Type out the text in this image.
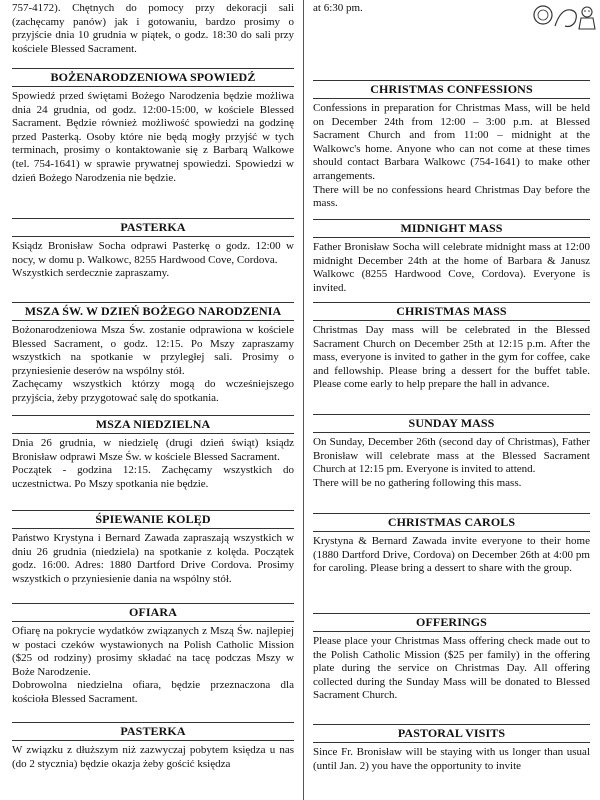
757-4172). Chętnych do pomocy przy dekoracji sali (zachęcamy panów) jak i gotowaniu, bardzo prosimy o przyjście dnia 10 grudnia w piątek, o godz. 18:30 do sali przy kościele Blessed Sacrament.

BOŻENARODZENIOWA SPOWIEDŹ

Spowiedź przed świętami Bożego Narodzenia będzie możliwa dnia 24 grudnia, od godz. 12:00-15:00, w kościele Blessed Sacrament. Będzie również możliwość spowiedzi na godzinę przed Pasterką. Osoby które nie będą mogły przyjść w tych terminach, prosimy o kontaktowanie się z Barbarą Walkowe (tel. 754-1641) w sprawie prywatnej spowiedzi. Spowiedzi w dzień Bożego Narodzenia nie będzie.

PASTERKA

Ksiądz Bronisław Socha odprawi Pasterkę o godz. 12:00 w nocy, w domu p. Walkowc, 8255 Hardwood Cove, Cordova.

Wszystkich serdecznie zapraszamy.

MSZA ŚW. W DZIEŃ BOŻEGO NARODZENIA

Bożonarodzeniowa Msza Św. zostanie odprawiona w kościele Blessed Sacrament, o godz. 12:15. Po Mszy zapraszamy wszystkich na spotkanie w przyległej sali. Prosimy o przyniesienie deserów na wspólny stół.

Zachęcamy wszystkich którzy mogą do wcześniejszego przyjścia, żeby przygotować salę do spotkania.

MSZA NIEDZIELNA

Dnia 26 grudnia, w niedzielę (drugi dzień świąt) ksiądz Bronisław odprawi Msze Św. w kościele Blessed Sacrament.

Początek - godzina 12:15. Zachęcamy wszystkich do uczestnictwa. Po Mszy spotkania nie będzie.

ŚPIEWANIE KOLĘD

Państwo Krystyna i Bernard Zawada zapraszają wszystkich w dniu 26 grudnia (niedziela) na spotkanie z kolęda. Początek godz. 16:00. Adres: 1880 Dartford Drive Cordova. Prosimy wszystkich o przyniesienie dania na wspólny stół.

OFIARA

Ofiarę na pokrycie wydatków związanych z Mszą Św. najlepiej w postaci czeków wystawionych na Polish Catholic Mission ($25 od rodziny) prosimy składać na tacę podczas Mszy w Boże Narodzenie.

Dobrowolna niedzielna ofiara, będzie przeznaczona dla kościoła Blessed Sacrament.

PASTERKA

W związku z dłuższym niż zazwyczaj pobytem księdza u nas (do 2 stycznia) będzie okazja żeby gościć księdza

at 6:30 pm.

CHRISTMAS CONFESSIONS

Confessions in preparation for Christmas Mass, will be held on December 24th from 12:00 – 3:00 p.m. at Blessed Sacrament Church and from 11:00 – midnight at the Walkowc's home. Anyone who can not come at these times should contact Barbara Walkowc (754-1641) to make other arrangements.

There will be no confessions heard Christmas Day before the mass.

MIDNIGHT MASS

Father Bronisław Socha will celebrate midnight mass at 12:00 midnight December 24th at the home of Barbara & Janusz Walkowc (8255 Hardwood Cove, Cordova). Everyone is invited.

CHRISTMAS MASS

Christmas Day mass will be celebrated in the Blessed Sacrament Church on December 25th at 12:15 p.m. After the mass, everyone is invited to gather in the gym for coffee, cake and fellowship. Please bring a dessert for the buffet table. Please come early to help prepare the hall in advance.

SUNDAY MASS

On Sunday, December 26th (second day of Christmas), Father Bronisław will celebrate mass at the Blessed Sacrament Church at 12:15 pm. Everyone is invited to attend.

There will be no gathering following this mass.

CHRISTMAS CAROLS

Krystyna & Bernard Zawada invite everyone to their home (1880 Dartford Drive, Cordova) on December 26th at 4:00 pm for caroling. Please bring a dessert to share with the group.

OFFERINGS

Please place your Christmas Mass offering check made out to the Polish Catholic Mission ($25 per family) in the offering plate during the service on Christmas Day. All offering collected during the Sunday Mass will be donated to Blessed Sacrament Church.

PASTORAL VISITS

Since Fr. Bronisław will be staying with us longer than usual (until Jan. 2) you have the opportunity to invite
